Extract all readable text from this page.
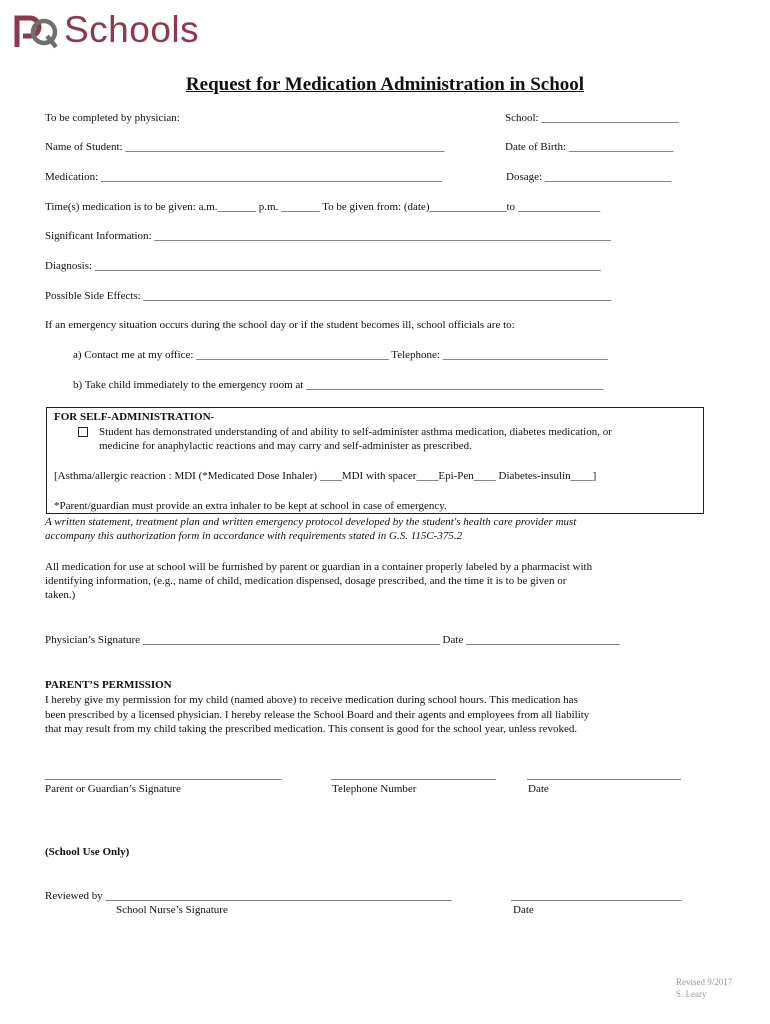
Schools
Request for Medication Administration in School
To be completed by physician:	School: _________________________
Name of Student: __________________________________________________________	Date of Birth: ___________________
Medication: ______________________________________________________________	Dosage: _______________________
Time(s) medication is to be given: a.m._______ p.m. _______ To be given from: (date)______________to _______________
Significant Information: ___________________________________________________________________________________
Diagnosis: ____________________________________________________________________________________________
Possible Side Effects: _____________________________________________________________________________________
If an emergency situation occurs during the school day or if the student becomes ill, school officials are to:
a) Contact me at my office: ___________________________________ Telephone: ______________________________
b) Take child immediately to the emergency room at ______________________________________________________
FOR SELF-ADMINISTRATION-
Student has demonstrated understanding of and ability to self-administer asthma medication, diabetes medication, or
medicine for anaphylactic reactions and may carry and self-administer as prescribed.
[Asthma/allergic reaction : MDI (*Medicated Dose Inhaler) ____MDI with spacer____Epi-Pen____ Diabetes-insulin____]
*Parent/guardian must provide an extra inhaler to be kept at school in case of emergency.
A written statement, treatment plan and written emergency protocol developed by the student's health care provider must
accompany this authorization form in accordance with requirements stated in G.S. 115C-375.2
All medication for use at school will be furnished by parent or guardian in a container properly labeled by a pharmacist with
identifying information, (e.g., name of child, medication dispensed, dosage prescribed, and the time it is to be given or
taken.)
Physician’s Signature ______________________________________________________ Date ____________________________
PARENT’S PERMISSION
I hereby give my permission for my child (named above) to receive medication during school hours. This medication has
been prescribed by a licensed physician. I hereby release the School Board and their agents and employees from all liability
that may result from my child taking the prescribed medication. This consent is good for the school year, unless revoked.
___________________________________________	______________________________	____________________________
Parent or Guardian’s Signature	Telephone Number	Date
(School Use Only)
Reviewed by _______________________________________________________________	_______________________________
School Nurse’s Signature	Date
Revised 9/2017
S. Leary
